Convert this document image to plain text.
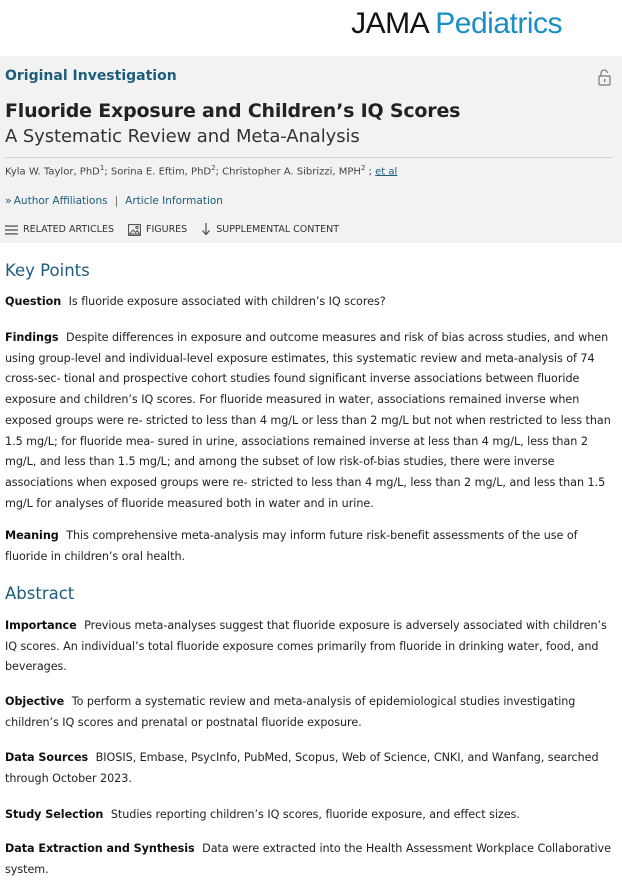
JAMA Pediatrics
Original Investigation
Fluoride Exposure and Children’s IQ Scores
A Systematic Review and Meta-Analysis
Kyla W. Taylor, PhD$^1$; Sorina E. Eftim, PhD$^2$; Christopher A. Sibrizzi, MPH$^2$ ; et al
» Author Affiliations | Article Information
RELATED ARTICLES	FIGURES	SUPPLEMENTAL CONTENT
Key Points
Question Is fluoride exposure associated with children’s IQ scores?
Findings Despite differences in exposure and outcome measures and risk of bias across studies, and when using group-level and individual-level exposure estimates, this systematic review and meta-analysis of 74 cross-sec- tional and prospective cohort studies found significant inverse associations between fluoride exposure and children’s IQ scores. For fluoride measured in water, associations remained inverse when exposed groups were re- stricted to less than 4 mg/L or less than 2 mg/L but not when restricted to less than 1.5 mg/L; for fluoride mea- sured in urine, associations remained inverse at less than 4 mg/L, less than 2 mg/L, and less than 1.5 mg/L; and among the subset of low risk-of-bias studies, there were inverse associations when exposed groups were re- stricted to less than 4 mg/L, less than 2 mg/L, and less than 1.5 mg/L for analyses of fluoride measured both in water and in urine.
Meaning This comprehensive meta-analysis may inform future risk-benefit assessments of the use of fluoride in children’s oral health.
Abstract
Importance Previous meta-analyses suggest that fluoride exposure is adversely associated with children’s IQ scores. An individual’s total fluoride exposure comes primarily from fluoride in drinking water, food, and beverages.
Objective To perform a systematic review and meta-analysis of epidemiological studies investigating children’s IQ scores and prenatal or postnatal fluoride exposure.
Data Sources BIOSIS, Embase, PsycInfo, PubMed, Scopus, Web of Science, CNKI, and Wanfang, searched through October 2023.
Study Selection Studies reporting children’s IQ scores, fluoride exposure, and effect sizes.
Data Extraction and Synthesis Data were extracted into the Health Assessment Workplace Collaborative system.
